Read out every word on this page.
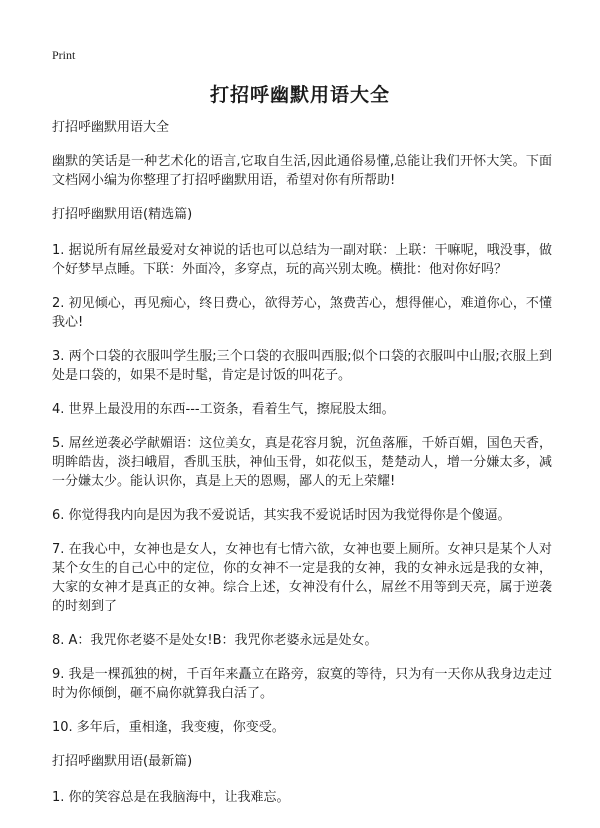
Print
打招呼幽默用语大全

打招呼幽默用语大全

幽默的笑话是一种艺术化的语言,它取自生活,因此通俗易懂,总能让我们开怀大笑。下面文档网小编为你整理了打招呼幽默用语，希望对你有所帮助!

打招呼幽默用语(精选篇)

1. 据说所有屌丝最爱对女神说的话也可以总结为一副对联：上联：干嘛呢，哦没事，做个好梦早点睡。下联：外面冷，多穿点，玩的高兴别太晚。横批：他对你好吗？

2. 初见倾心，再见痴心，终日费心，欲得芳心，煞费苦心，想得催心，难道你心，不懂我心!

3. 两个口袋的衣服叫学生服;三个口袋的衣服叫西服;似个口袋的衣服叫中山服;衣服上到处是口袋的，如果不是时髦，肯定是讨饭的叫花子。

4. 世界上最没用的东西---工资条，看着生气，擦屁股太细。

5. 屌丝逆袭必学献媚语：这位美女，真是花容月貌，沉鱼落雁，千娇百媚，国色天香，明眸皓齿，淡扫峨眉，香肌玉肤，神仙玉骨，如花似玉，楚楚动人，增一分嫌太多，减一分嫌太少。能认识你，真是上天的恩赐，鄙人的无上荣耀!

6. 你觉得我内向是因为我不爱说话，其实我不爱说话时因为我觉得你是个傻逼。

7. 在我心中，女神也是女人，女神也有七情六欲，女神也要上厕所。女神只是某个人对某个女生的自己心中的定位，你的女神不一定是我的女神，我的女神永远是我的女神，大家的女神才是真正的女神。综合上述，女神没有什么，屌丝不用等到天亮，属于逆袭的时刻到了

8. A：我咒你老婆不是处女!B：我咒你老婆永远是处女。

9. 我是一棵孤独的树，千百年来矗立在路旁，寂寞的等待，只为有一天你从我身边走过时为你倾倒，砸不扁你就算我白活了。

10. 多年后，重相逢，我变瘦，你变受。

打招呼幽默用语(最新篇)

1. 你的笑容总是在我脑海中，让我难忘。
